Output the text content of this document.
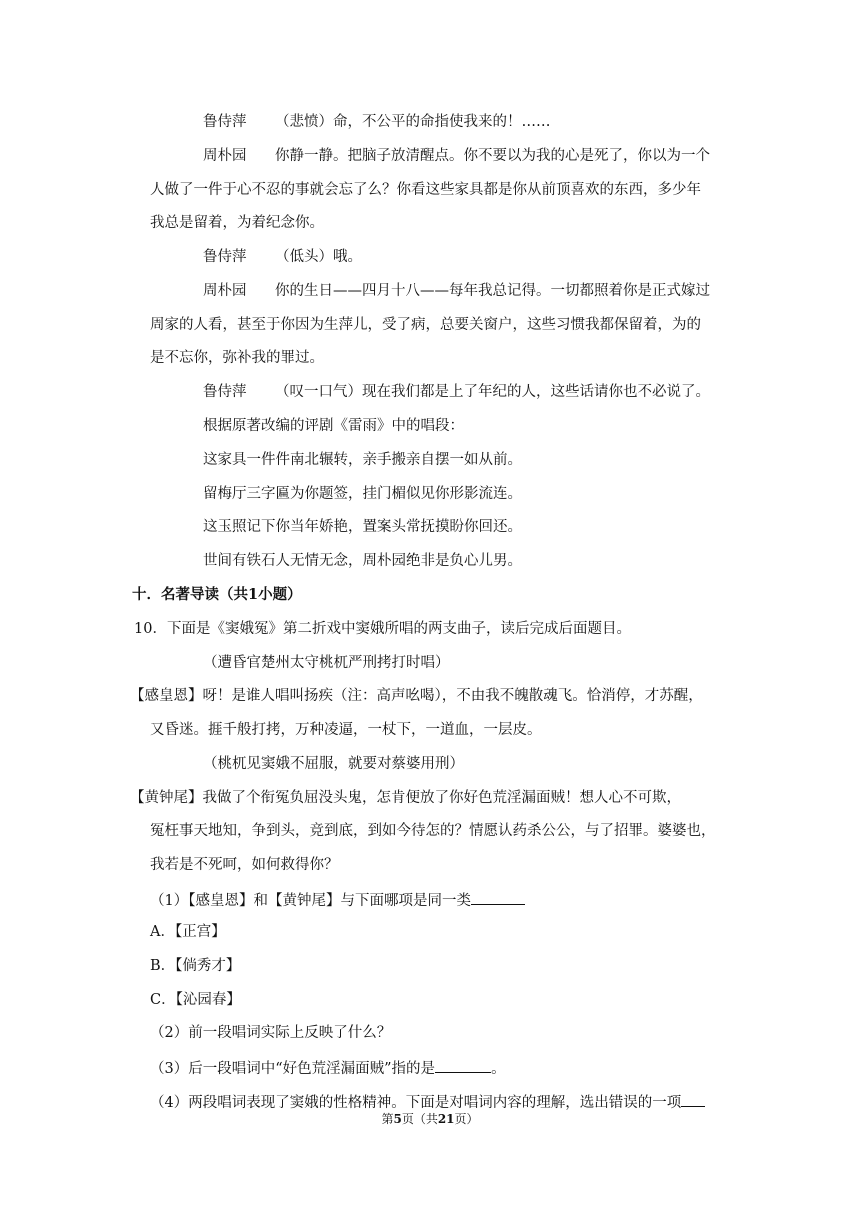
鲁侍萍 （悲愤）命，不公平的命指使我来的！……
周朴园 你静一静。把脑子放清醒点。你不要以为我的心是死了，你以为一个
人做了一件于心不忍的事就会忘了么？你看这些家具都是你从前顶喜欢的东西，多少年
我总是留着，为着纪念你。
鲁侍萍 （低头）哦。
周朴园 你的生日——四月十八——每年我总记得。一切都照着你是正式嫁过
周家的人看，甚至于你因为生萍儿，受了病，总要关窗户，这些习惯我都保留着，为的
是不忘你，弥补我的罪过。
鲁侍萍 （叹一口气）现在我们都是上了年纪的人，这些话请你也不必说了。
根据原著改编的评剧《雷雨》中的唱段：
这家具一件件南北辗转，亲手搬亲自摆一如从前。
留梅厅三字匾为你题签，挂门楣似见你形影流连。
这玉照记下你当年娇艳，置案头常抚摸盼你回还。
世间有铁石人无情无念，周朴园绝非是负心儿男。
十．名著导读（共1小题）
10．下面是《窦娥冤》第二折戏中窦娥所唱的两支曲子，读后完成后面题目。
（遭昏官楚州太守桃杌严刑拷打时唱）
【感皇恩】呀！是谁人唱叫扬疾（注：高声吆喝），不由我不魄散魂飞。恰消停，才苏醒，
又昏迷。捱千般打拷，万种凌逼，一杖下，一道血，一层皮。
（桃杌见窦娥不屈服，就要对蔡婆用刑）
【黄钟尾】我做了个衔冤负屈没头鬼，怎肯便放了你好色荒淫漏面贼！想人心不可欺，
冤枉事天地知，争到头，竞到底，到如今待怎的？情愿认药杀公公，与了招罪。婆婆也，
我若是不死呵，如何救得你？
（1）【感皇恩】和【黄钟尾】与下面哪项是同一类
A．【正宫】
B．【倘秀才】
C．【沁园春】
（2）前一段唱词实际上反映了什么？
（3）后一段唱词中“好色荒淫漏面贼”指的是	。
（4）两段唱词表现了窦娥的性格精神。下面是对唱词内容的理解，选出错误的一项
第5页（共21页）
